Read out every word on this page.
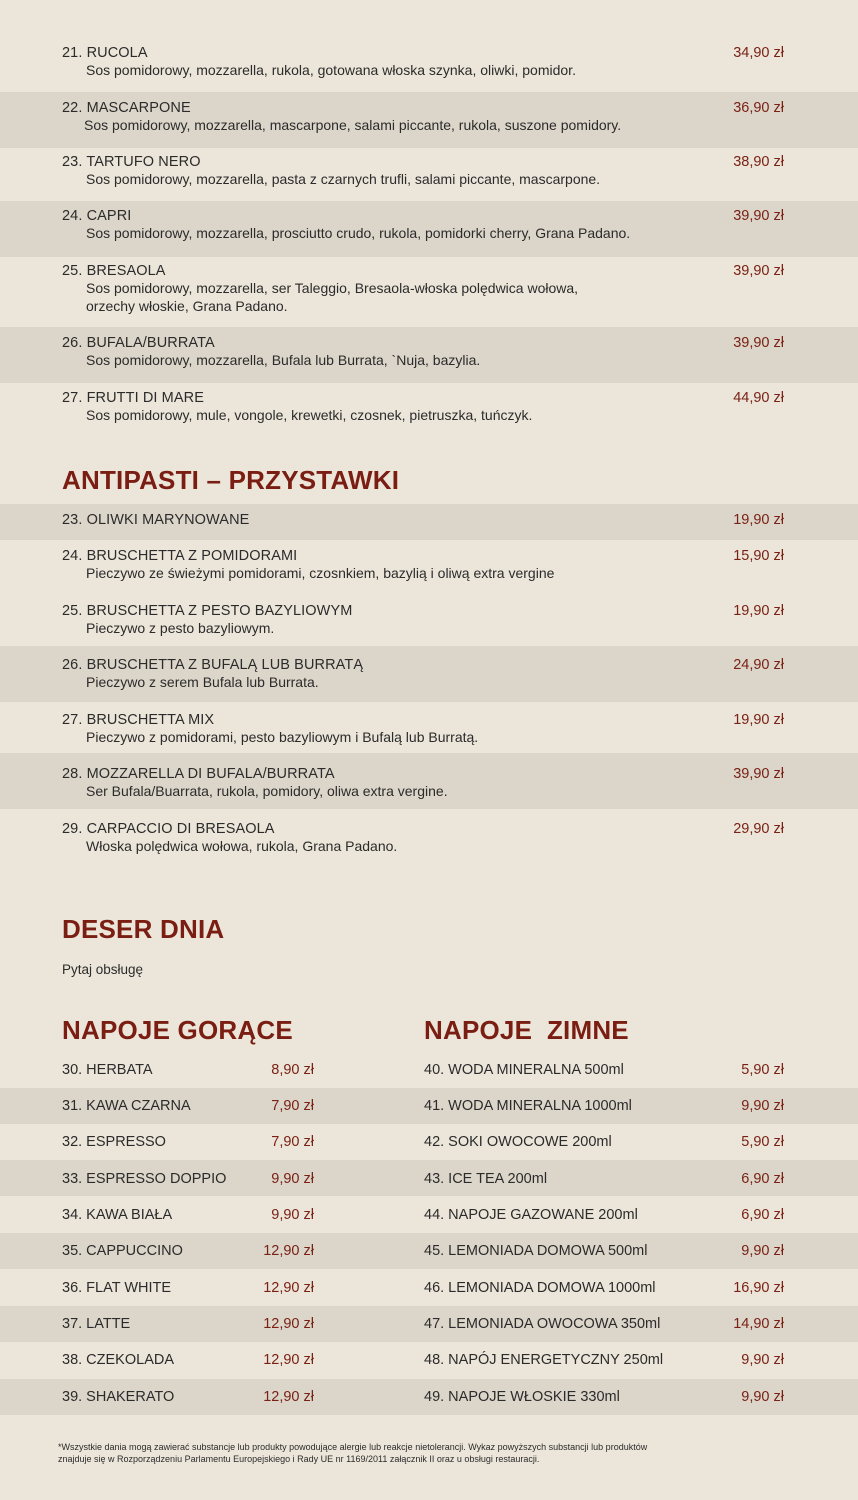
21. RUCOLA
Sos pomidorowy, mozzarella, rukola, gotowana włoska szynka, oliwki, pomidor.
34,90 zł
22. MASCARPONE
Sos pomidorowy, mozzarella, mascarpone, salami piccante, rukola, suszone pomidory.
36,90 zł
23. TARTUFO NERO
Sos pomidorowy, mozzarella, pasta z czarnych trufli, salami piccante, mascarpone.
38,90 zł
24. CAPRI
Sos pomidorowy, mozzarella, prosciutto crudo, rukola, pomidorki cherry, Grana Padano.
39,90 zł
25. BRESAOLA
Sos pomidorowy, mozzarella, ser Taleggio, Bresaola-włoska polędwica wołowa,
orzechy włoskie, Grana Padano.
39,90 zł
26. BUFALA/BURRATA
Sos pomidorowy, mozzarella, Bufala lub Burrata, `Nuja, bazylia.
39,90 zł
27. FRUTTI DI MARE
Sos pomidorowy, mule, vongole, krewetki, czosnek, pietruszka, tuńczyk.
44,90 zł
ANTIPASTI – PRZYSTAWKI
23. OLIWKI MARYNOWANE	19,90 zł
24. BRUSCHETTA Z POMIDORAMI
Pieczywo ze świeżymi pomidorami, czosnkiem, bazylią i oliwą extra vergine
15,90 zł
25. BRUSCHETTA Z PESTO BAZYLIOWYM
Pieczywo z pesto bazyliowym.
19,90 zł
26. BRUSCHETTA Z BUFALĄ LUB BURRATĄ
Pieczywo z serem Bufala lub Burrata.
24,90 zł
27. BRUSCHETTA MIX
Pieczywo z pomidorami, pesto bazyliowym i Bufalą lub Burratą.
19,90 zł
28. MOZZARELLA DI BUFALA/BURRATA
Ser Bufala/Buarrata, rukola, pomidory, oliwa extra vergine.
39,90 zł
29. CARPACCIO DI BRESAOLA
Włoska polędwica wołowa, rukola, Grana Padano.
29,90 zł
DESER DNIA
Pytaj obsługę
NAPOJE GORĄCE
30. HERBATA	8,90 zł
31. KAWA CZARNA	7,90 zł
32. ESPRESSO	7,90 zł
33. ESPRESSO DOPPIO	9,90 zł
34. KAWA BIAŁA	9,90 zł
35. CAPPUCCINO	12,90 zł
36. FLAT WHITE	12,90 zł
37. LATTE	12,90 zł
38. CZEKOLADA	12,90 zł
39. SHAKERATO	12,90 zł
NAPOJE  ZIMNE
40. WODA MINERALNA 500ml	5,90 zł
41. WODA MINERALNA 1000ml	9,90 zł
42. SOKI OWOCOWE 200ml	5,90 zł
43. ICE TEA 200ml	6,90 zł
44. NAPOJE GAZOWANE 200ml	6,90 zł
45. LEMONIADA DOMOWA 500ml	9,90 zł
46. LEMONIADA DOMOWA 1000ml	16,90 zł
47. LEMONIADA OWOCOWA 350ml	14,90 zł
48. NAPÓJ ENERGETYCZNY 250ml	9,90 zł
49. NAPOJE WŁOSKIE 330ml	9,90 zł
*Wszystkie dania mogą zawierać substancje lub produkty powodujące alergie lub reakcje nietolerancji. Wykaz powyższych substancji lub produktów
znajduje się w Rozporządzeniu Parlamentu Europejskiego i Rady UE nr 1169/2011 załącznik II oraz u obsługi restauracji.
